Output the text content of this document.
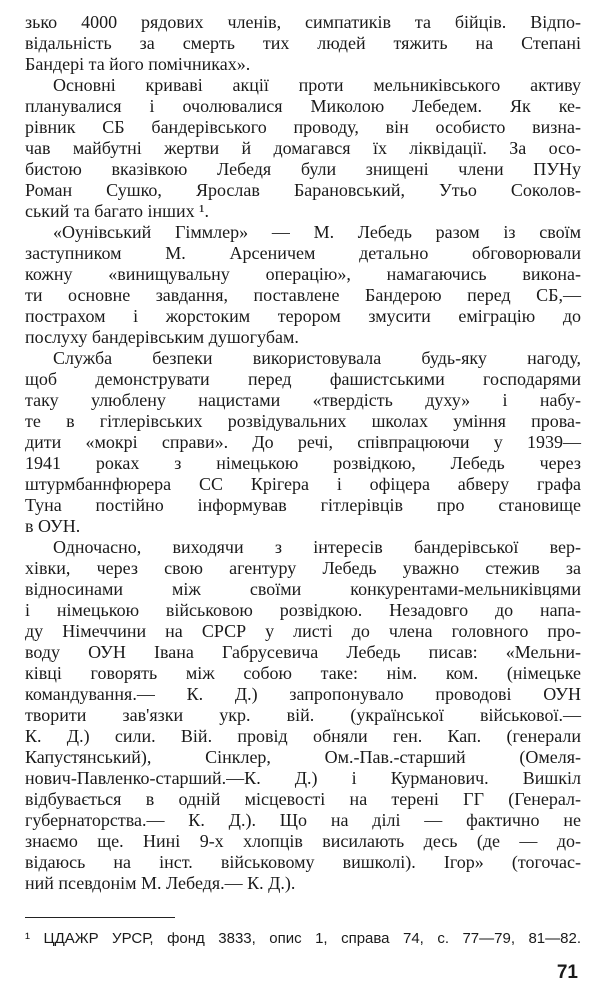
зько 4000 рядових членів, симпатиків та бійців. Відпо-
відальність за смерть тих людей тяжить на Степані
Бандері та його помічниках».
Основні криваві акції проти мельниківського активу
планувалися і очолювалися Миколою Лебедем. Як ке-
рівник СБ бандерівського проводу, він особисто визна-
чав майбутні жертви й домагався їх ліквідації. За осо-
бистою вказівкою Лебедя були знищені члени ПУНу
Роман Сушко, Ярослав Барановський, Утьо Соколов-
ський та багато інших ¹.
«Оунівський Гіммлер» — М. Лебедь разом із своїм
заступником М. Арсеничем детально обговорювали
кожну «винищувальну операцію», намагаючись викона-
ти основне завдання, поставлене Бандерою перед СБ,—
пострахом і жорстоким терором змусити еміграцію до
послуху бандерівським душогубам.
Служба безпеки використовувала будь-яку нагоду,
щоб демонструвати перед фашистськими господарями
таку улюблену нацистами «твердість духу» і набу-
те в гітлерівських розвідувальних школах уміння прова-
дити «мокрі справи». До речі, співпрацюючи у 1939—
1941 роках з німецькою розвідкою, Лебедь через
штурмбаннфюрера СС Крігера і офіцера абверу графа
Туна постійно інформував гітлерівців про становище
в ОУН.
Одночасно, виходячи з інтересів бандерівської вер-
хівки, через свою агентуру Лебедь уважно стежив за
відносинами між своїми конкурентами-мельниківцями
і німецькою військовою розвідкою. Незадовго до напа-
ду Німеччини на СРСР у листі до члена головного про-
воду ОУН Івана Габрусевича Лебедь писав: «Мельни-
ківці говорять між собою таке: нім. ком. (німецьке
командування.— К. Д.) запропонувало проводові ОУН
творити зав'язки укр. вій. (української військової.—
К. Д.) сили. Вій. провід обняли ген. Кап. (генерали
Капустянський), Сінклер, Ом.-Пав.-старший (Омеля-
нович-Павленко-старший.—К. Д.) і Курманович. Вишкіл
відбувається в одній місцевості на терені ГГ (Генерал-
губернаторства.— К. Д.). Що на ділі — фактично не
знаємо ще. Нині 9-х хлопців висилають десь (де — до-
відаюсь на інст. військовому вишколі). Ігор» (тогочас-
ний псевдонім М. Лебедя.— К. Д.).
¹ ЦДАЖР УРСР, фонд 3833, опис 1, справа 74, с. 77—79, 81—82.
71
